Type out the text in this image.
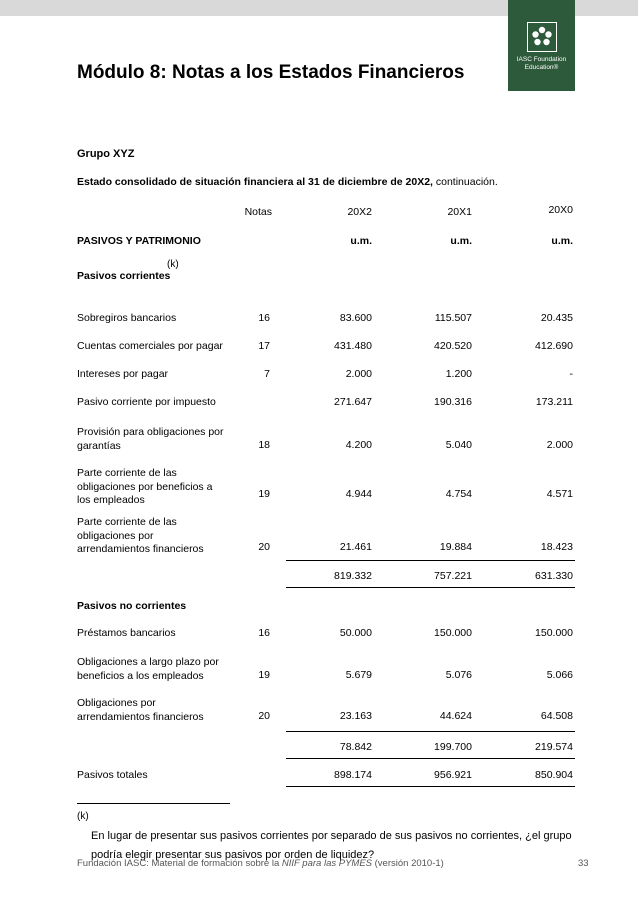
IASC Foundation
Education®
Módulo 8: Notas a los Estados Financieros
Grupo XYZ
Estado consolidado de situación financiera al 31 de diciembre de 20X2, continuación.
Notas	20X2	20X1	20X0
PASIVOS Y PATRIMONIO	u.m.	u.m.	u.m.
Pasivos corrientes
(k)
Sobregiros bancarios	16	83.600	115.507	20.435
Cuentas comerciales por pagar	17	431.480	420.520	412.690
Intereses por pagar	7	2.000	1.200	-
Pasivo corriente por impuesto	271.647	190.316	173.211
Provisión para obligaciones por garantías	18	4.200	5.040	2.000
Parte corriente de las obligaciones por beneficios a los empleados	19	4.944	4.754	4.571
Parte corriente de las obligaciones por arrendamientos financieros	20	21.461	19.884	18.423
819.332	757.221	631.330
Pasivos no corrientes
Préstamos bancarios	16	50.000	150.000	150.000
Obligaciones a largo plazo por beneficios a los empleados	19	5.679	5.076	5.066
Obligaciones por arrendamientos financieros	20	23.163	44.624	64.508
78.842	199.700	219.574
Pasivos totales	898.174	956.921	850.904
(k)
En lugar de presentar sus pasivos corrientes por separado de sus pasivos no corrientes, ¿el grupo podría elegir presentar sus pasivos por orden de liquidez?
Fundación IASC: Material de formación sobre la NIIF para las PYMES (versión 2010-1)	33
